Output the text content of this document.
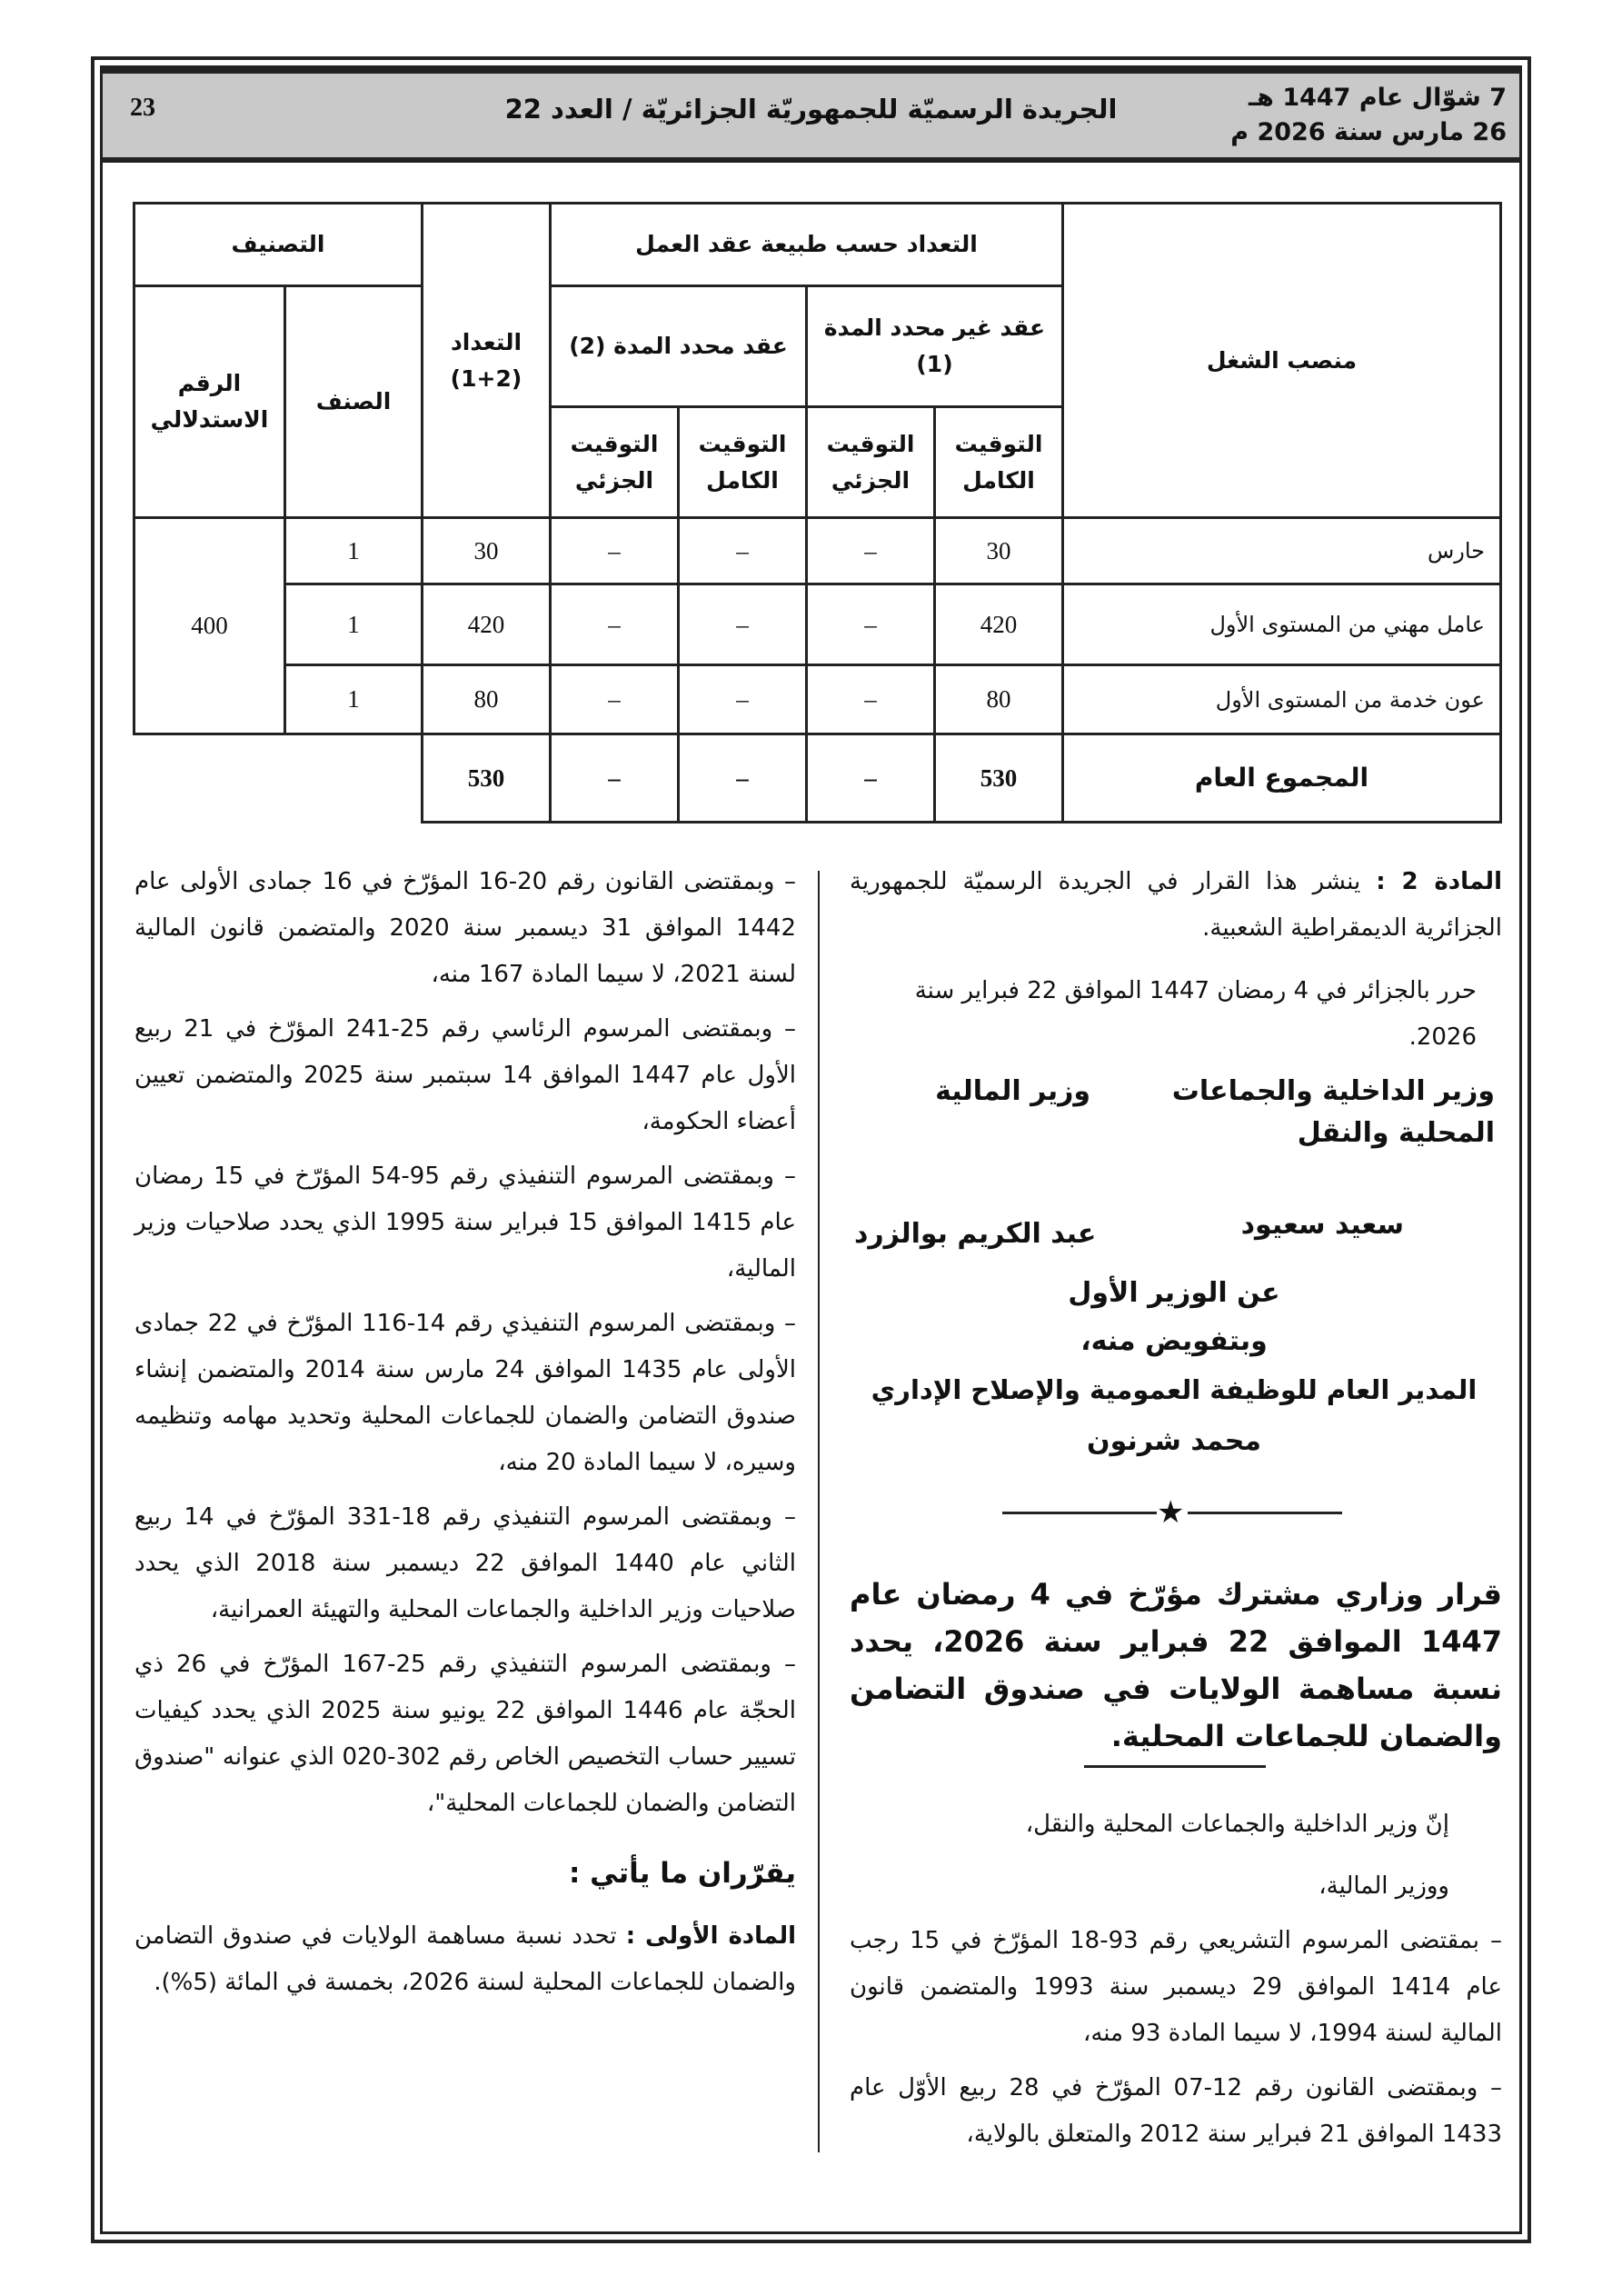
7 شوّال عام 1447 هـ
26 مارس سنة 2026 م
الجريدة الرسميّة للجمهوريّة الجزائريّة / العدد 22
23
منصب الشغل	التعداد حسب طبيعة عقد العمل				التعداد (2+1)	التصنيف	
	عقد غير محدد المدة (1)		عقد محدد المدة (2)			الصنف	الرقم الاستدلالي
	التوقيت الكامل	التوقيت الجزئي	التوقيت الكامل	التوقيت الجزئي			
حارس	30	–	–	–	30	1	400
عامل مهني من المستوى الأول	420	–	–	–	420	1	
عون خدمة من المستوى الأول	80	–	–	–	80	1	
المجموع العام	530	–	–	–	530		
المادة 2 : ينشر هذا القرار في الجريدة الرسميّة للجمهورية الجزائرية الديمقراطية الشعبية.
حرر بالجزائر في 4 رمضان 1447 الموافق 22 فبراير سنة 2026.
وزير الداخلية والجماعات المحلية والنقل
وزير المالية
سعيد سعيود
عبد الكريم بوالزرد
عن الوزير الأول
وبتفويض منه،
المدير العام للوظيفة العمومية والإصلاح الإداري
محمد شرنون
★
قرار وزاري مشترك مؤرّخ في 4 رمضان عام 1447 الموافق 22 فبراير سنة 2026، يحدد نسبة مساهمة الولايات في صندوق التضامن والضمان للجماعات المحلية.
إنّ وزير الداخلية والجماعات المحلية والنقل،
ووزير المالية،

– بمقتضى المرسوم التشريعي رقم 93-18 المؤرّخ في 15 رجب عام 1414 الموافق 29 ديسمبر سنة 1993 والمتضمن قانون المالية لسنة 1994، لا سيما المادة 93 منه،

– وبمقتضى القانون رقم 12-07 المؤرّخ في 28 ربيع الأوّل عام 1433 الموافق 21 فبراير سنة 2012 والمتعلق بالولاية،

– وبمقتضى القانون رقم 20-16 المؤرّخ في 16 جمادى الأولى عام 1442 الموافق 31 ديسمبر سنة 2020 والمتضمن قانون المالية لسنة 2021، لا سيما المادة 167 منه،

– وبمقتضى المرسوم الرئاسي رقم 25-241 المؤرّخ في 21 ربيع الأول عام 1447 الموافق 14 سبتمبر سنة 2025 والمتضمن تعيين أعضاء الحكومة،

– وبمقتضى المرسوم التنفيذي رقم 95-54 المؤرّخ في 15 رمضان عام 1415 الموافق 15 فبراير سنة 1995 الذي يحدد صلاحيات وزير المالية،

– وبمقتضى المرسوم التنفيذي رقم 14-116 المؤرّخ في 22 جمادى الأولى عام 1435 الموافق 24 مارس سنة 2014 والمتضمن إنشاء صندوق التضامن والضمان للجماعات المحلية وتحديد مهامه وتنظيمه وسيره، لا سيما المادة 20 منه،

– وبمقتضى المرسوم التنفيذي رقم 18-331 المؤرّخ في 14 ربيع الثاني عام 1440 الموافق 22 ديسمبر سنة 2018 الذي يحدد صلاحيات وزير الداخلية والجماعات المحلية والتهيئة العمرانية،

– وبمقتضى المرسوم التنفيذي رقم 25-167 المؤرّخ في 26 ذي الحجّة عام 1446 الموافق 22 يونيو سنة 2025 الذي يحدد كيفيات تسيير حساب التخصيص الخاص رقم 302-020 الذي عنوانه "صندوق التضامن والضمان للجماعات المحلية"،

يقرّران ما يأتي :

المادة الأولى : تحدد نسبة مساهمة الولايات في صندوق التضامن والضمان للجماعات المحلية لسنة 2026، بخمسة في المائة (5%).
